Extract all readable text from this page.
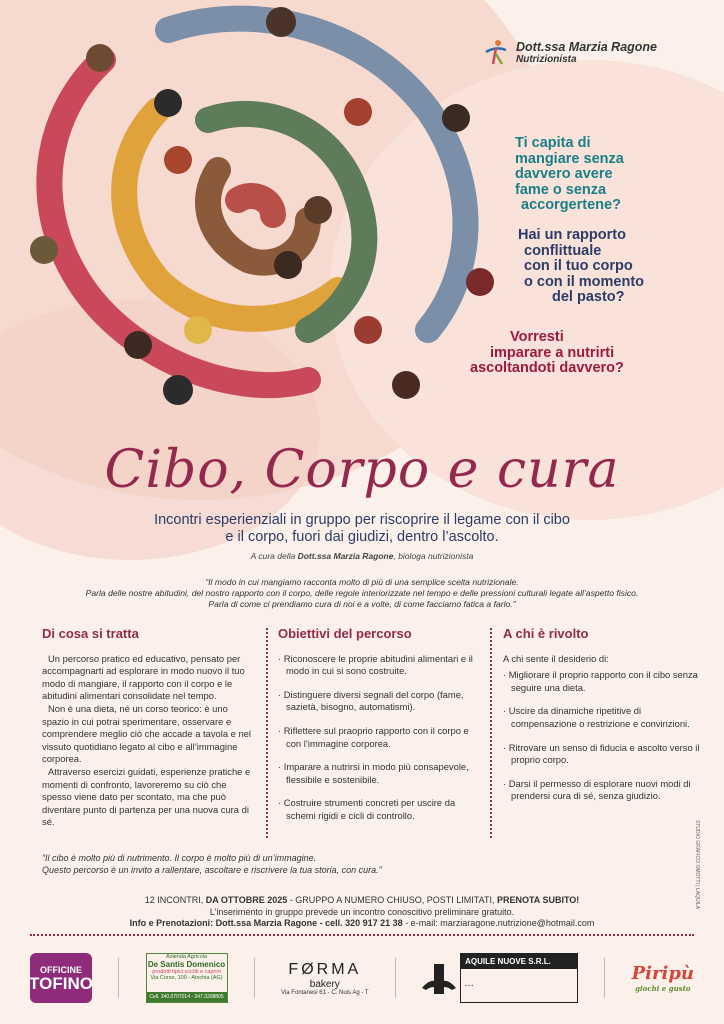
Dott.ssa Marzia Ragone
Nutrizionista
Ti capita di
mangiare senza
davvero avere
fame o senza
accorgertene?
Hai un rapporto
conflittuale
con il tuo corpo
o con il momento
del pasto?
Vorresti
imparare a nutrirti
ascoltandoti davvero?
Cibo, Corpo e cura
Incontri esperienziali in gruppo per riscoprire il legame con il cibo
e il corpo, fuori dai giudizi, dentro l’ascolto.
A cura della Dott.ssa Marzia Ragone, biologa nutrizionista
“Il modo in cui mangiamo racconta molto di più di una semplice scelta nutrizionale.
Parla delle nostre abitudini, del nostro rapporto con il corpo, delle regole interiorizzate nel tempo e delle pressioni culturali legate all’aspetto fisico.
Parla di come ci prendiamo cura di noi e a volte, di come facciamo fatica a farlo.”
Di cosa si tratta

Un percorso pratico ed educativo, pensato per accompagnarti ad esplorare in modo nuovo il tuo modo di mangiare, il rapporto con il corpo e le abitudini alimentari consolidate nel tempo.

Non è una dieta, né un corso teorico: è uno spazio in cui potrai sperimentare, osservare e comprendere meglio ciò che accade a tavola e nel vissuto quotidiano legato al cibo e all’immagine corporea.

Attraverso esercizi guidati, esperienze pratiche e momenti di confronto, lavoreremo su ciò che spesso viene dato per scontato, ma che può diventare punto di partenza per una nuova cura di sé.

Obiettivi del percorso
· Riconoscere le proprie abitudini alimentari e il modo in cui si sono costruite.
· Distinguere diversi segnali del corpo (fame, sazietà, bisogno, automatismi).
· Riflettere sul praoprio rapporto con il corpo e con l’immagine corporea.
· Imparare a nutrirsi in modo più consapevole, flessibile e sostenibile.
· Costruire strumenti concreti per uscire da schemi rigidi e cicli di controllo.
A chi è rivolto
A chi sente il desiderio di:
· Migliorare il proprio rapporto con il cibo senza seguire una dieta.
· Uscire da dinamiche ripetitive di compensazione o restrizione e convinzioni.
· Ritrovare un senso di fiducia e ascolto verso il proprio corpo.
· Darsi il permesso di esplorare nuovi modi di prendersi cura di sé, senza giudizio.
“Il cibo è molto più di nutrimento. Il corpo è molto più di un’immagine.
Questo percorso è un invito a rallentare, ascoltare e riscrivere la tua storia, con cura.”	STUDIO GRAFICO OMOTTI | LAQUILA
12 INCONTRI, DA OTTOBRE 2025 - GRUPPO A NUMERO CHIUSO, POSTI LIMITATI, PRENOTA SUBITO!
L’inserimento in gruppo prevede un incontro conoscitivo preliminare gratuito.
Info e Prenotazioni: Dott.ssa Marzia Ragone - cell. 320 917 21 38 - e-mail: marziaragone.nutrizione@hotmail.com
OFFICINE
TOFINO
Azienda Agricola
De Santis Domenico
prodotti tipici sciolti e caprini
Via Corso, 100 - Atschia (AG)
Cell. 340.0707014 - 347.3308805
FØRMA
bakery
Via Fontanesi 61 - C. Nuis Ag - T
AQUILE NUOVE S.R.L.
▪ ▪ ▪
Piripù
giochi e gusto
